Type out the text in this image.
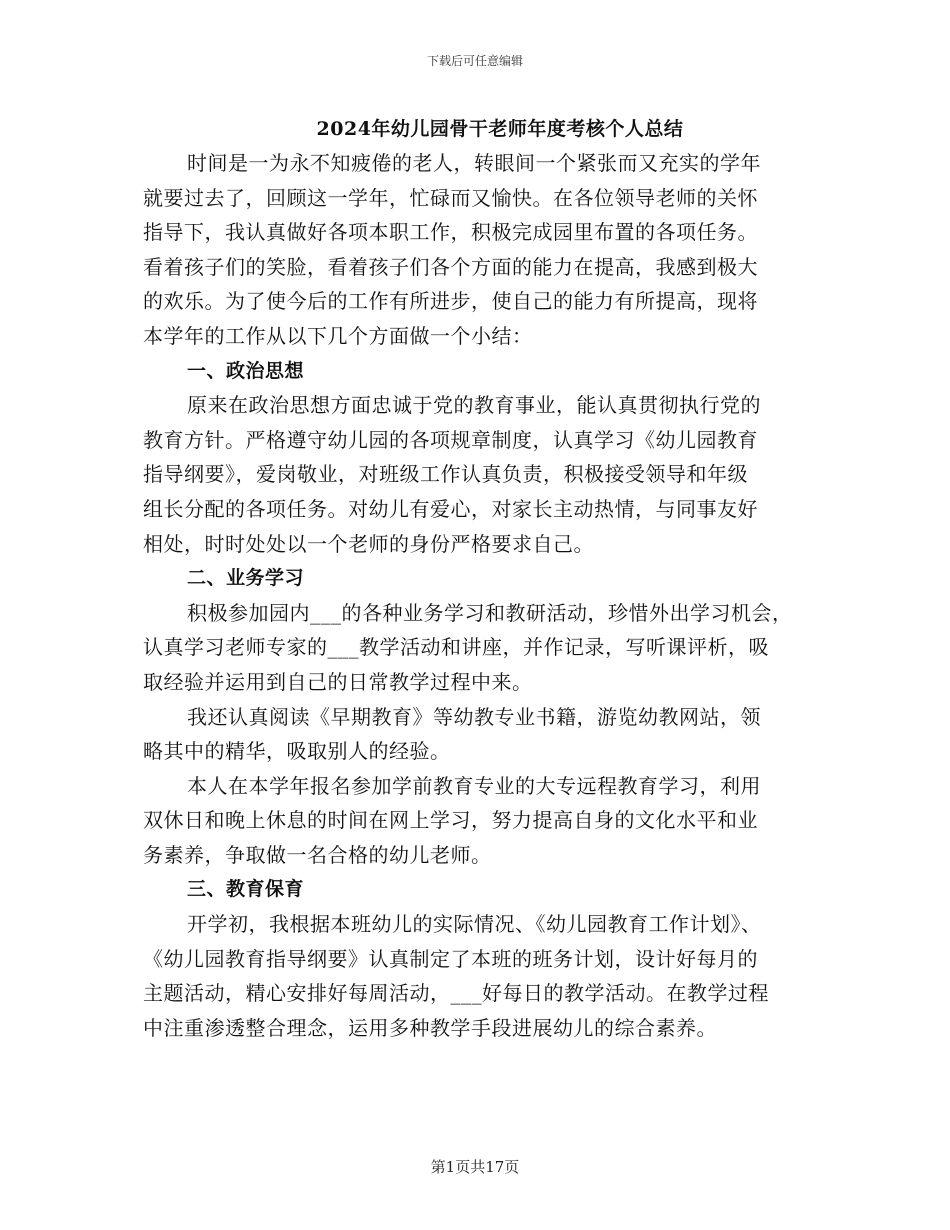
下载后可任意编辑
2024年幼儿园骨干老师年度考核个人总结
时间是一为永不知疲倦的老人，转眼间一个紧张而又充实的学年
就要过去了，回顾这一学年，忙碌而又愉快。在各位领导老师的关怀
指导下，我认真做好各项本职工作，积极完成园里布置的各项任务。
看着孩子们的笑脸，看着孩子们各个方面的能力在提高，我感到极大
的欢乐。为了使今后的工作有所进步，使自己的能力有所提高，现将
本学年的工作从以下几个方面做一个小结：
一、政治思想
原来在政治思想方面忠诚于党的教育事业，能认真贯彻执行党的
教育方针。严格遵守幼儿园的各项规章制度，认真学习《幼儿园教育
指导纲要》，爱岗敬业，对班级工作认真负责，积极接受领导和年级
组长分配的各项任务。对幼儿有爱心，对家长主动热情，与同事友好
相处，时时处处以一个老师的身份严格要求自己。
二、业务学习
积极参加园内___的各种业务学习和教研活动，珍惜外出学习机会，
认真学习老师专家的___教学活动和讲座，并作记录，写听课评析，吸
取经验并运用到自己的日常教学过程中来。
我还认真阅读《早期教育》等幼教专业书籍，游览幼教网站，领
略其中的精华，吸取别人的经验。
本人在本学年报名参加学前教育专业的大专远程教育学习，利用
双休日和晚上休息的时间在网上学习，努力提高自身的文化水平和业
务素养，争取做一名合格的幼儿老师。
三、教育保育
开学初，我根据本班幼儿的实际情况、《幼儿园教育工作计划》、
《幼儿园教育指导纲要》认真制定了本班的班务计划，设计好每月的
主题活动，精心安排好每周活动，___好每日的教学活动。在教学过程
中注重渗透整合理念，运用多种教学手段进展幼儿的综合素养。
第1页共17页
